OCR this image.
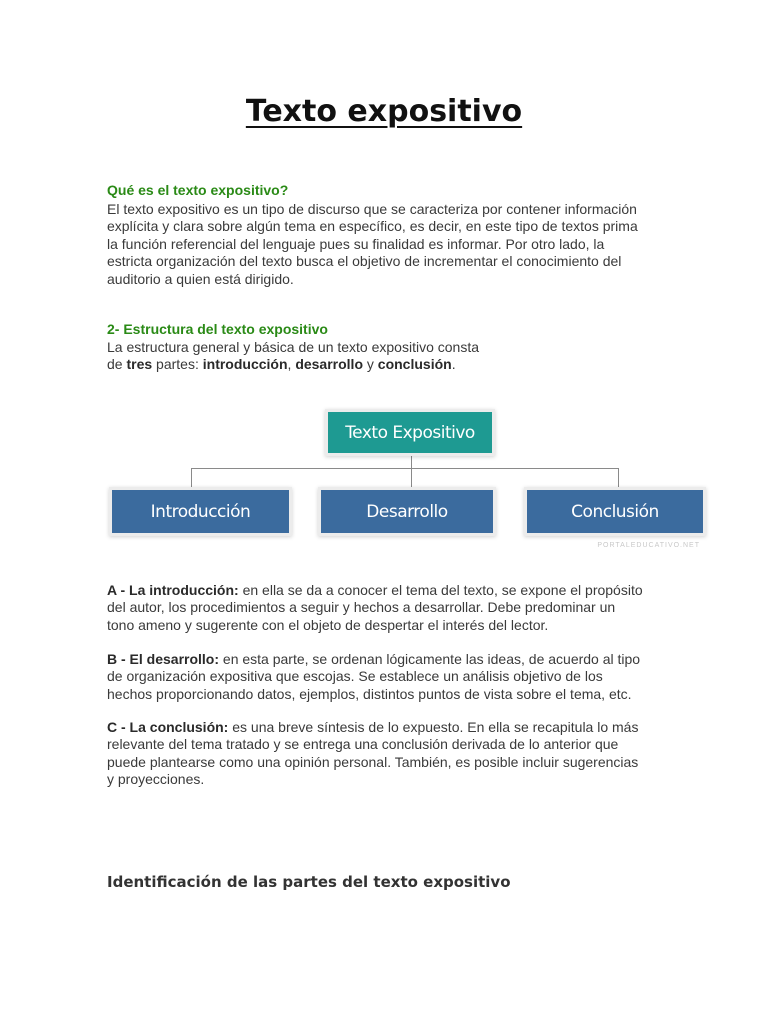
Texto expositivo

Qué es el texto expositivo?

El texto expositivo es un tipo de discurso que se caracteriza por contener información
explícita y clara sobre algún tema en específico, es decir, en este tipo de textos prima
la función referencial del lenguaje pues su finalidad es informar. Por otro lado, la
estricta organización del texto busca el objetivo de incrementar el conocimiento del
auditorio a quien está dirigido.

2- Estructura del texto expositivo

La estructura general y básica de un texto expositivo consta
de tres partes: introducción, desarrollo y conclusión.

Texto Expositivo
Introducción	Desarrollo	Conclusión
PORTALEDUCATIVO.NET

A - La introducción: en ella se da a conocer el tema del texto, se expone el propósito
del autor, los procedimientos a seguir y hechos a desarrollar. Debe predominar un
tono ameno y sugerente con el objeto de despertar el interés del lector.

B - El desarrollo: en esta parte, se ordenan lógicamente las ideas, de acuerdo al tipo
de organización expositiva que escojas. Se establece un análisis objetivo de los
hechos proporcionando datos, ejemplos, distintos puntos de vista sobre el tema, etc.

C - La conclusión: es una breve síntesis de lo expuesto. En ella se recapitula lo más
relevante del tema tratado y se entrega una conclusión derivada de lo anterior que
puede plantearse como una opinión personal. También, es posible incluir sugerencias
y proyecciones.

Identificación de las partes del texto expositivo
